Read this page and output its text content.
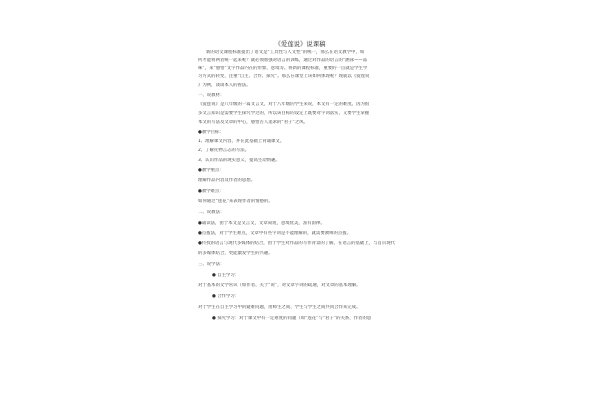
《爱莲说》说课稿
新的语文课程标准提出了语文是“工具性与人文性”的统一，那么在语文教学中，如
何才能将两者统一起来呢？就必须加强对语言的训练，通过对作品的语言的“涵泳——品
味”，来“感悟”文字作品内在的形象、意境等。将新的课程标准，重要的一点就是学生学
习方式的转变，注重“自主、合作、探究”。那么在课堂上该如何体现呢？现就以《爱莲说
》为例，谈谈本人的看法。
一、说教材：
《爱莲说》是八年级的一篇文言文，对于八年级的学生来说，本文有一定的难度。因为很
多文言知识是需要学生探究学过的，所以该目标的设定上既要对字词落实，又要学生掌握
本文的写法及文章的中心，感悟古人追求的“君子”之风。
●教学目标：
1、理解课文内容，并在此基础上背诵课文。
2、了解托物言志的写法。
3、认识作品的现实意义，提高生动情趣。
●教学重点：
理解作品内容及作者的思想。
●教学难点：
如何通过“莲花”来表现作者的情感的。
二、说教法：
●诵读法，由于本文是文言文，文章简短，意境优美，富有韵律。
●点拨法，对于学生难点，文章中有些字词是不能理解的，就需要教师的点拨。
●传授的语言与现代多媒体的结合，由于学生对作品的写作背景的了解，在语言的基础上，与首页现代
的多媒体结合，更能激发学生的兴趣。
三、说学法：
● 自主学习：
对于基本的文学常识（如作者、关于“说”，对文章字词的疏通，对文章的基本理解。
● 合作学习：
对于学生在自主学习中的疑难问题，由师生之间、学生与学生之间共同合作来完成。
● 探究学习：对于课文中有一定难度的问题（如“莲花”与“君子”的关系，作者的思
